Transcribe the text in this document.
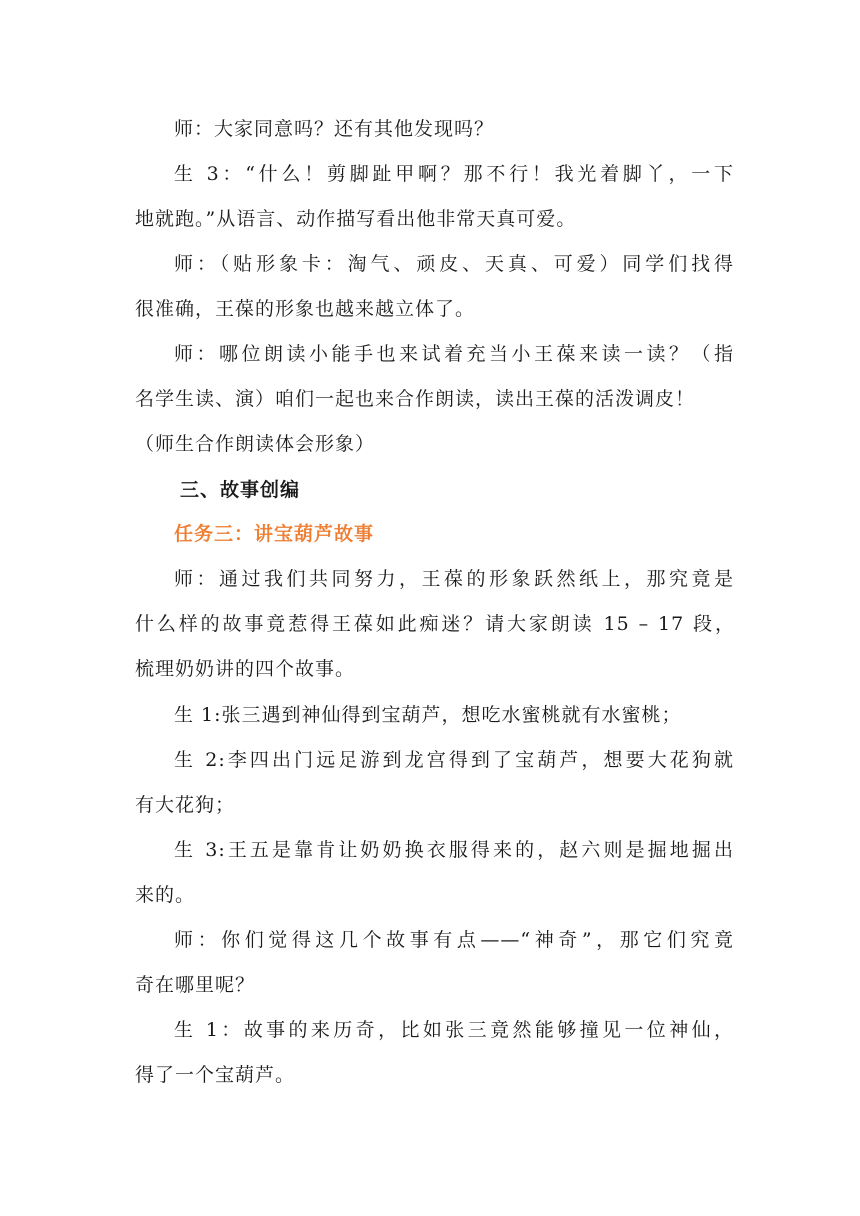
师：大家同意吗？还有其他发现吗？
生 3：“什么！剪脚趾甲啊？那不行！我光着脚丫，一下
地就跑。”从语言、动作描写看出他非常天真可爱。
师：（贴形象卡：淘气、顽皮、天真、可爱）同学们找得
很准确，王葆的形象也越来越立体了。
师：哪位朗读小能手也来试着充当小王葆来读一读？（指
名学生读、演）咱们一起也来合作朗读，读出王葆的活泼调皮！
（师生合作朗读体会形象）
三、故事创编
任务三：讲宝葫芦故事
师：通过我们共同努力，王葆的形象跃然纸上，那究竟是
什么样的故事竟惹得王葆如此痴迷？请大家朗读 15 – 17 段，
梳理奶奶讲的四个故事。
生 1:张三遇到神仙得到宝葫芦，想吃水蜜桃就有水蜜桃；
生 2:李四出门远足游到龙宫得到了宝葫芦，想要大花狗就
有大花狗；
生 3:王五是靠肯让奶奶换衣服得来的，赵六则是掘地掘出
来的。
师：你们觉得这几个故事有点——“神奇”，那它们究竟
奇在哪里呢？
生 1：故事的来历奇，比如张三竟然能够撞见一位神仙，
得了一个宝葫芦。
